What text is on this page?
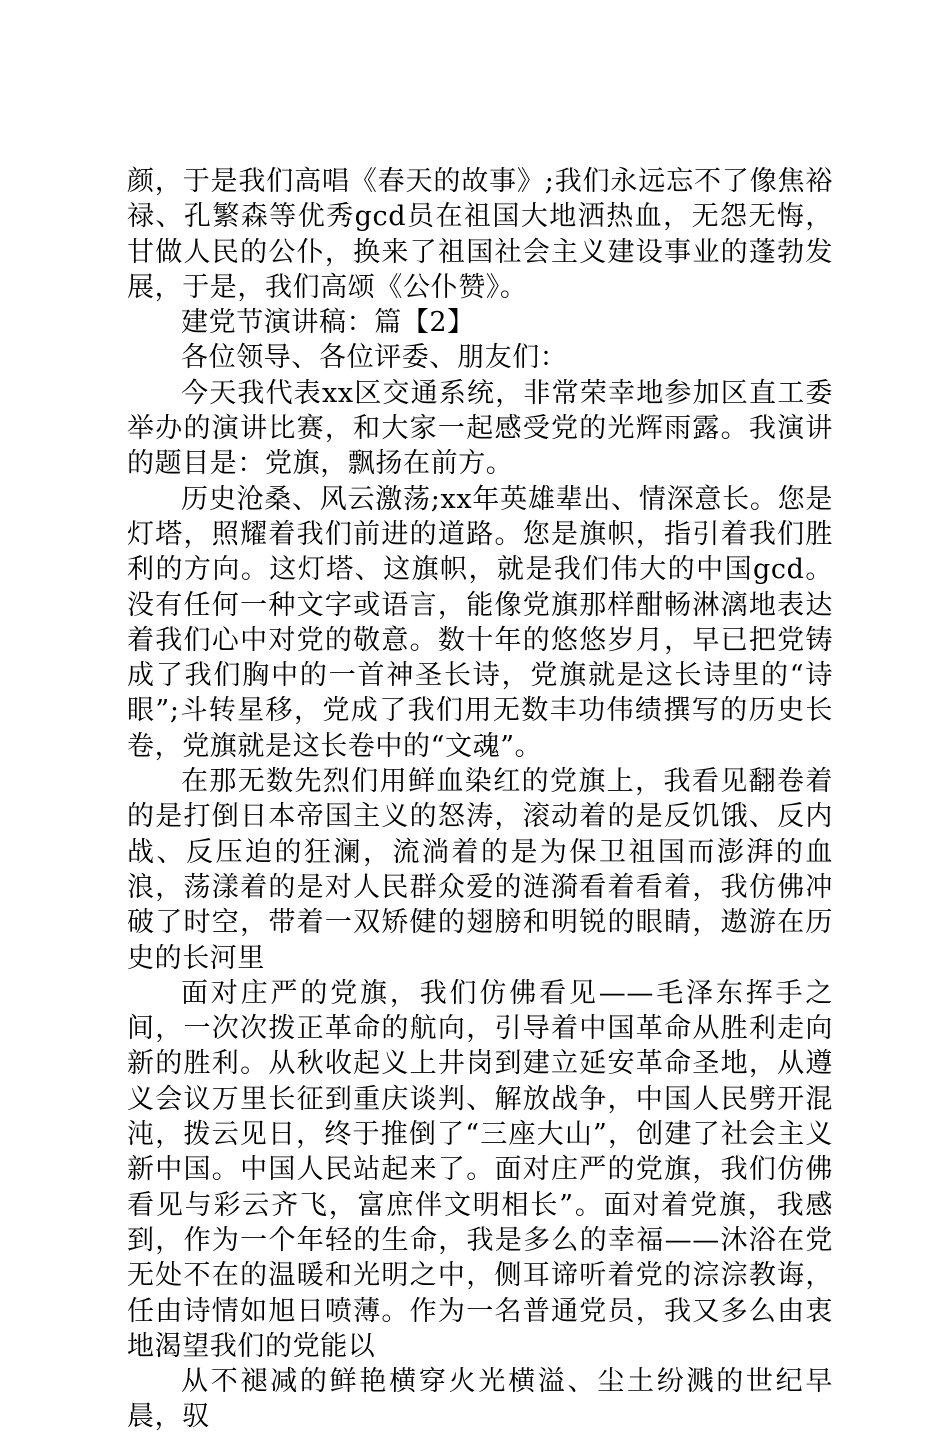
颜，于是我们高唱《春天的故事》;我们永远忘不了像焦裕禄、孔繁森等优秀gcd员在祖国大地洒热血，无怨无悔，甘做人民的公仆，换来了祖国社会主义建设事业的蓬勃发展，于是，我们高颂《公仆赞》。

建党节演讲稿：篇【2】

各位领导、各位评委、朋友们：

今天我代表xx区交通系统，非常荣幸地参加区直工委举办的演讲比赛，和大家一起感受党的光辉雨露。我演讲的题目是：党旗，飘扬在前方。

历史沧桑、风云激荡;xx年英雄辈出、情深意长。您是灯塔，照耀着我们前进的道路。您是旗帜，指引着我们胜利的方向。这灯塔、这旗帜，就是我们伟大的中国gcd。没有任何一种文字或语言，能像党旗那样酣畅淋漓地表达着我们心中对党的敬意。数十年的悠悠岁月，早已把党铸成了我们胸中的一首神圣长诗，党旗就是这长诗里的“诗眼”;斗转星移，党成了我们用无数丰功伟绩撰写的历史长卷，党旗就是这长卷中的“文魂”。

在那无数先烈们用鲜血染红的党旗上，我看见翻卷着的是打倒日本帝国主义的怒涛，滚动着的是反饥饿、反内战、反压迫的狂澜，流淌着的是为保卫祖国而澎湃的血浪，荡漾着的是对人民群众爱的涟漪看着看着，我仿佛冲破了时空，带着一双矫健的翅膀和明锐的眼睛，遨游在历史的长河里

面对庄严的党旗，我们仿佛看见——毛泽东挥手之间，一次次拨正革命的航向，引导着中国革命从胜利走向新的胜利。从秋收起义上井岗到建立延安革命圣地，从遵义会议万里长征到重庆谈判、解放战争，中国人民劈开混沌，拨云见日，终于推倒了“三座大山”，创建了社会主义新中国。中国人民站起来了。面对庄严的党旗，我们仿佛看见与彩云齐飞，富庶伴文明相长”。面对着党旗，我感到，作为一个年轻的生命，我是多么的幸福——沐浴在党无处不在的温暖和光明之中，侧耳谛听着党的淙淙教诲，任由诗情如旭日喷薄。作为一名普通党员，我又多么由衷地渴望我们的党能以

从不褪减的鲜艳横穿火光横溢、尘土纷溅的世纪早晨，驭
